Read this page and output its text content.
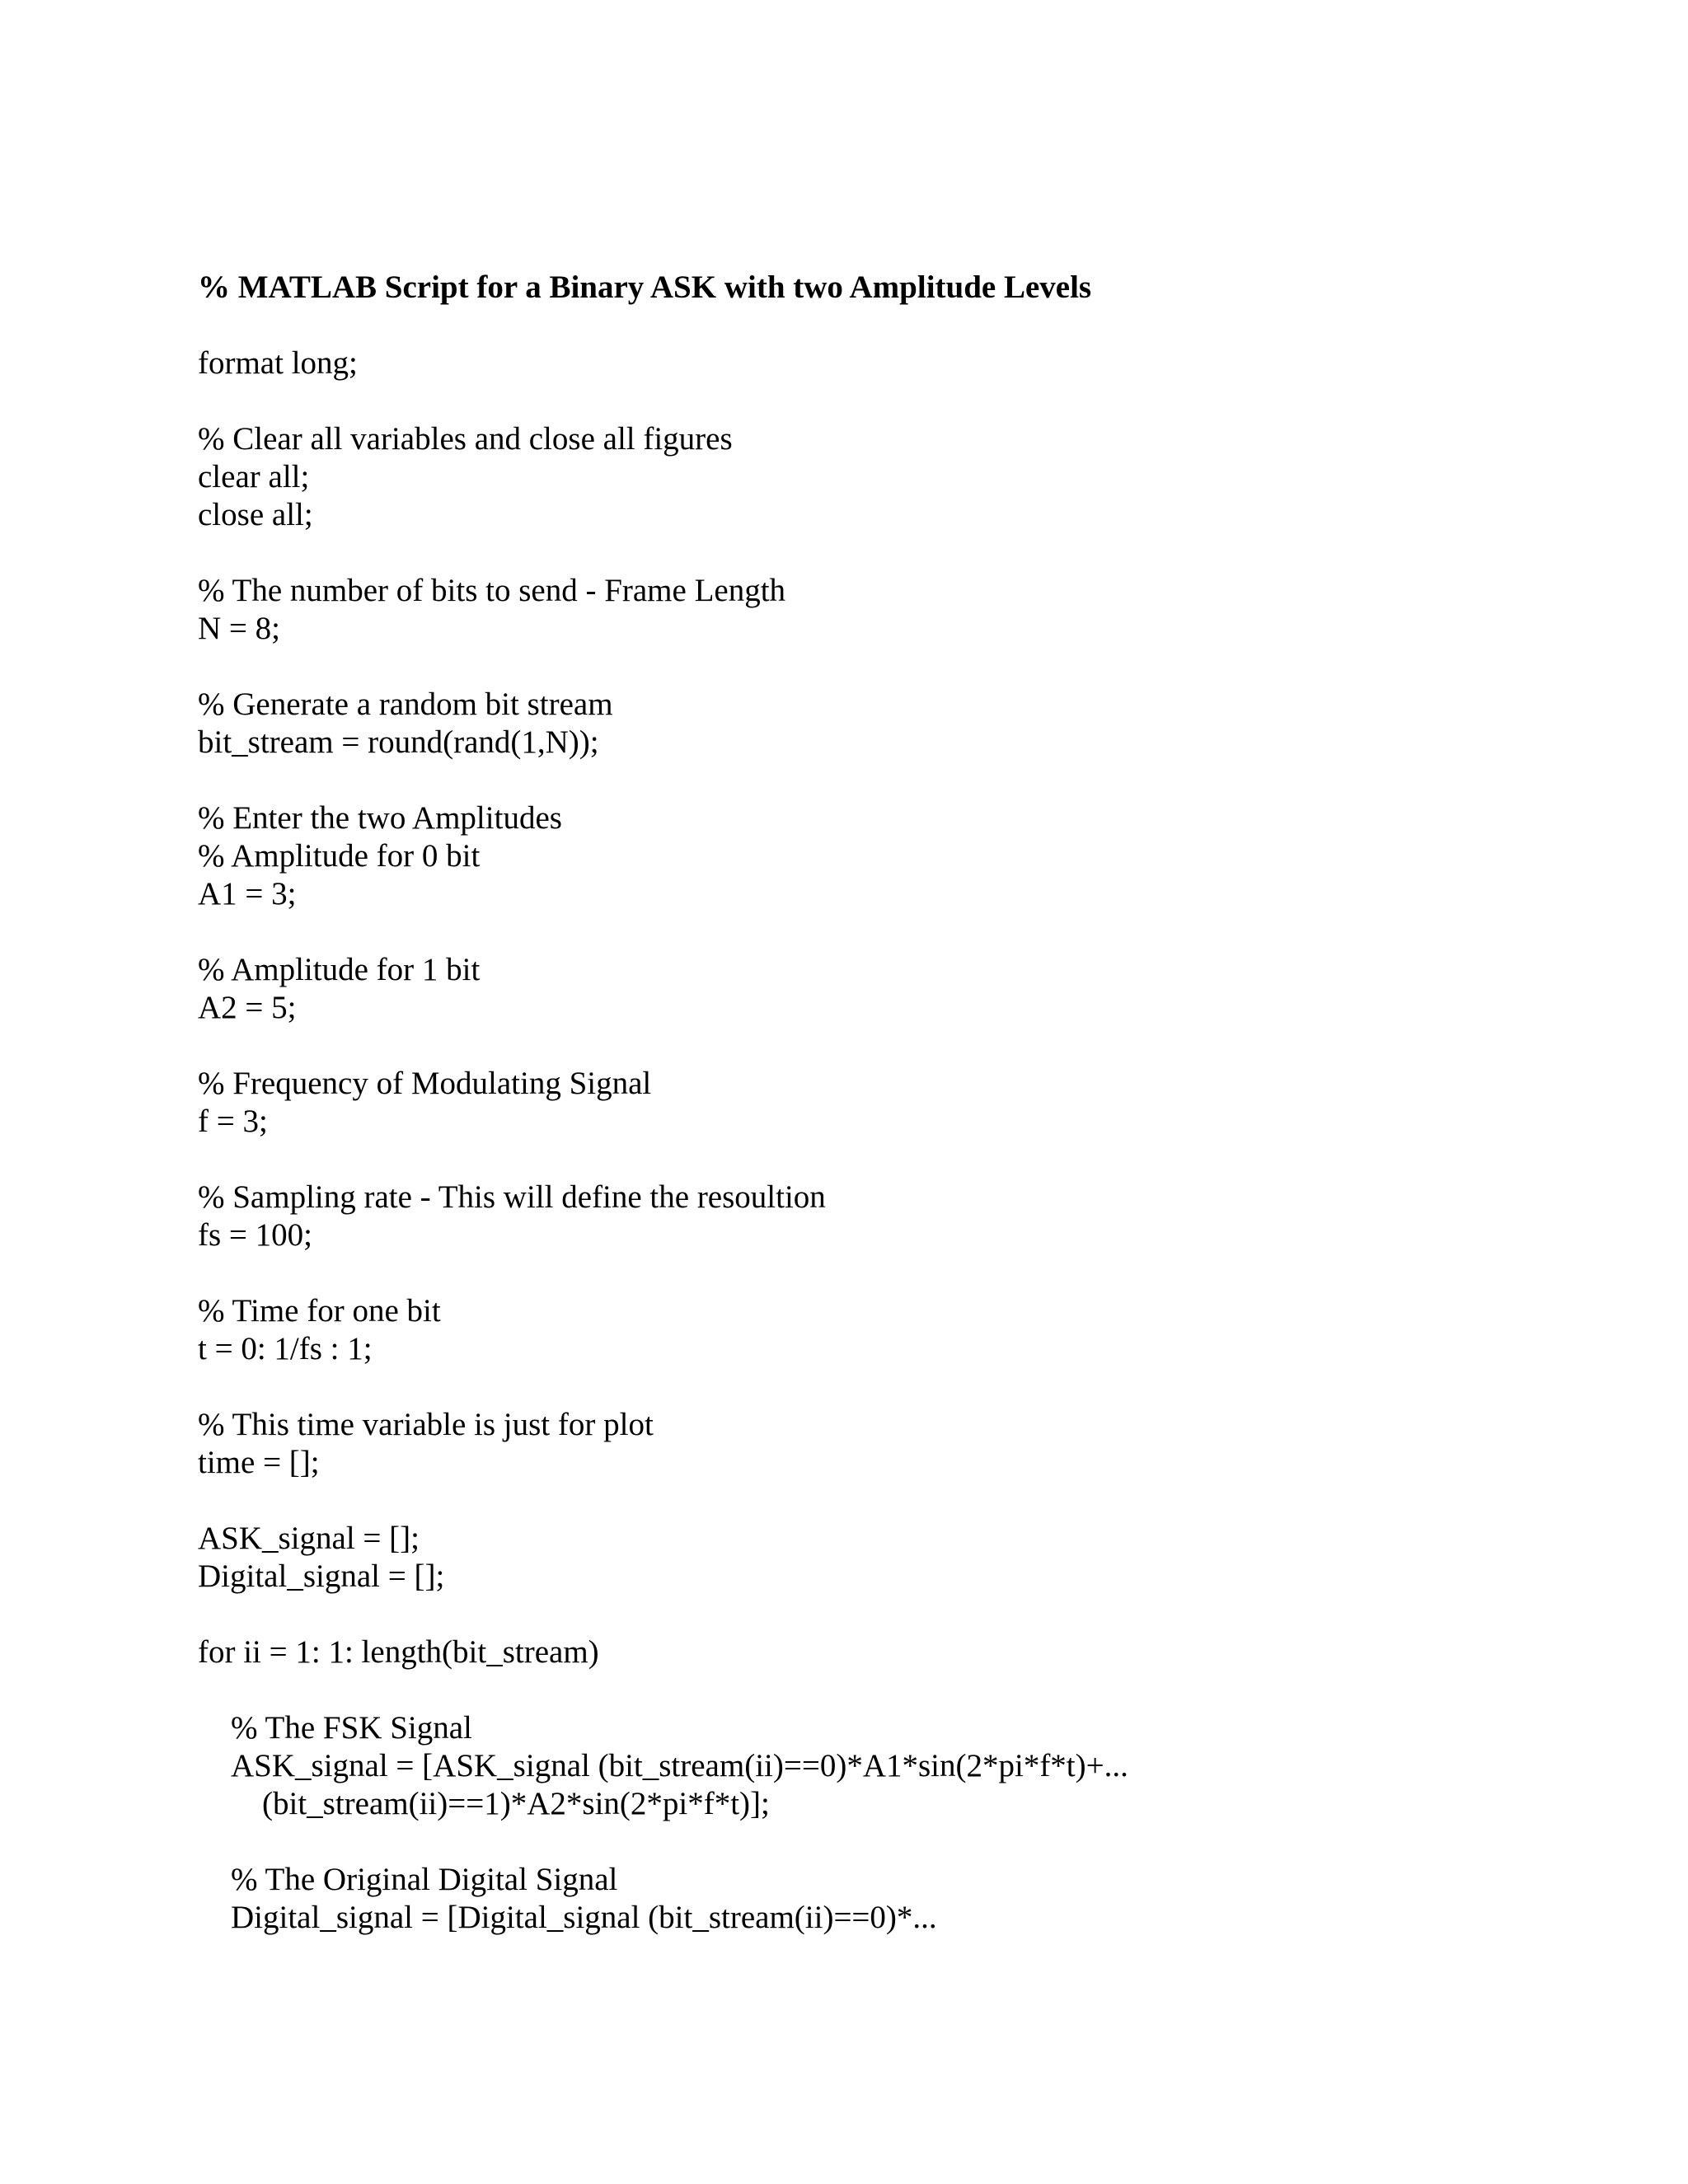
% MATLAB Script for a Binary ASK with two Amplitude Levels
format long;
% Clear all variables and close all figures
clear all;
close all;
% The number of bits to send - Frame Length
N = 8;
% Generate a random bit stream
bit_stream = round(rand(1,N));
% Enter the two Amplitudes
% Amplitude for 0 bit
A1 = 3;
% Amplitude for 1 bit
A2 = 5;
% Frequency of Modulating Signal
f = 3;
% Sampling rate - This will define the resoultion
fs = 100;
% Time for one bit
t = 0: 1/fs : 1;
% This time variable is just for plot
time = [];
ASK_signal = [];
Digital_signal = [];
for ii = 1: 1: length(bit_stream)
% The FSK Signal
ASK_signal = [ASK_signal (bit_stream(ii)==0)*A1*sin(2*pi*f*t)+...
(bit_stream(ii)==1)*A2*sin(2*pi*f*t)];
% The Original Digital Signal
Digital_signal = [Digital_signal (bit_stream(ii)==0)*...
